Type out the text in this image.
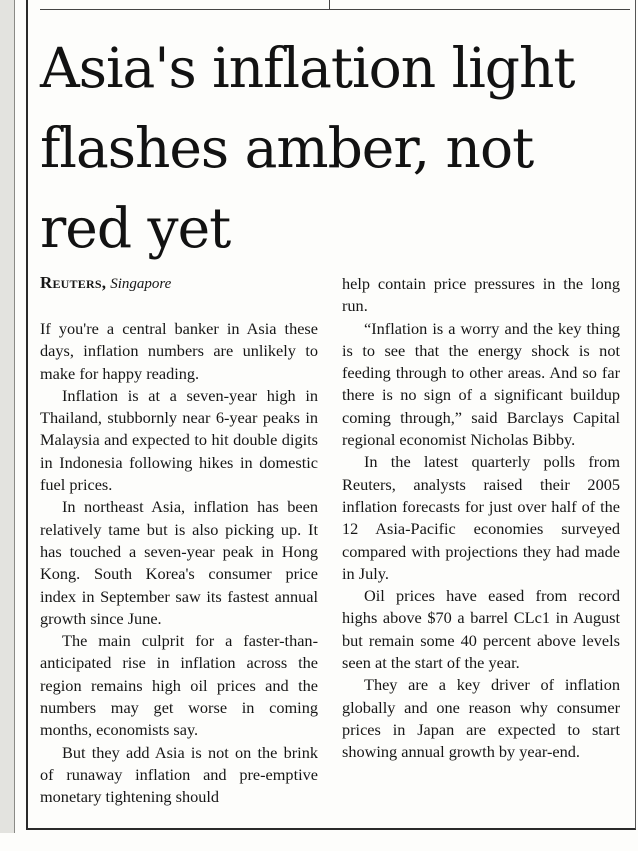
Asia's inflation light flashes amber, not red yet
Reuters, Singapore

If you're a central banker in Asia these days, inflation numbers are unlikely to make for happy reading.

Inflation is at a seven-year high in Thailand, stubbornly near 6-year peaks in Malaysia and expected to hit double digits in Indonesia following hikes in domestic fuel prices.

In northeast Asia, inflation has been relatively tame but is also picking up. It has touched a seven-year peak in Hong Kong. South Korea's consumer price index in September saw its fastest annual growth since June.

The main culprit for a faster-than-anticipated rise in inflation across the region remains high oil prices and the numbers may get worse in coming months, economists say.

But they add Asia is not on the brink of runaway inflation and pre-emptive monetary tightening should

help contain price pressures in the long run.

“Inflation is a worry and the key thing is to see that the energy shock is not feeding through to other areas. And so far there is no sign of a significant buildup coming through,” said Barclays Capital regional economist Nicholas Bibby.

In the latest quarterly polls from Reuters, analysts raised their 2005 inflation forecasts for just over half of the 12 Asia-Pacific economies surveyed compared with projections they had made in July.

Oil prices have eased from record highs above $70 a barrel CLc1 in August but remain some 40 percent above levels seen at the start of the year.

They are a key driver of inflation globally and one reason why consumer prices in Japan are expected to start showing annual growth by year-end.
